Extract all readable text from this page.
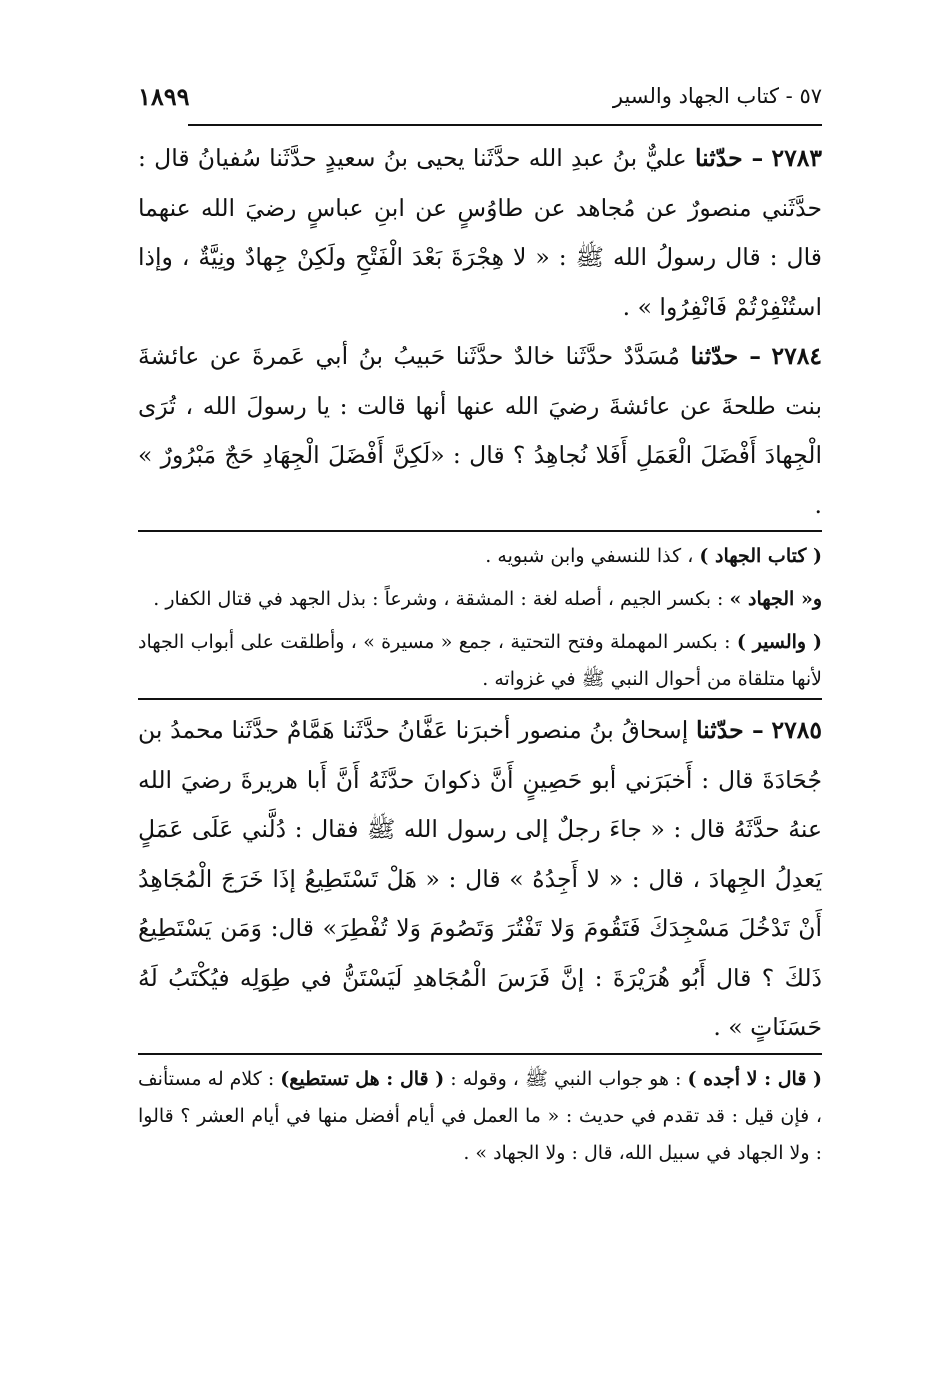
٥٧ - كتاب الجهاد والسير
١٨٩٩

٢٧٨٣ – حدّثنا عليٌّ بنُ عبدِ الله حدَّثَنا يحيى بنُ سعيدٍ حدَّثَنا سُفيانُ قال : حدَّثَني منصورٌ عن مُجاهد عن طاوُسٍ عن ابنِ عباسٍ رضيَ الله عنهما قال : قال رسولُ الله ﷺ : « لا هِجْرَةَ بَعْدَ الْفَتْحِ ولَكِنْ جِهادٌ ونِيَّةٌ ، وإذا استُنْفِرْتُمْ فَانْفِرُوا » .

٢٧٨٤ – حدّثنا مُسَدَّدٌ حدَّثَنا خالدٌ حدَّثَنا حَبيبُ بنُ أبي عَمرةَ عن عائشةَ بنت طلحةَ عن عائشةَ رضيَ الله عنها أنها قالت : يا رسولَ الله ، تُرَى الْجِهادَ أَفْضَلَ الْعَمَلِ أَفَلا نُجاهِدُ ؟ قال : «لَكِنَّ أَفْضَلَ الْجِهَادِ حَجٌ مَبْرُورٌ » .

( كتاب الجهاد ) ، كذا للنسفي وابن شبويه .

و« الجهاد » : بكسر الجيم ، أصله لغة : المشقة ، وشرعاً : بذل الجهد في قتال الكفار .

( والسير ) : بكسر المهملة وفتح التحتية ، جمع « مسيرة » ، وأطلقت على أبواب الجهاد لأنها متلقاة من أحوال النبي ﷺ في غزواته .

٢٧٨٥ – حدّثنا إسحاقُ بنُ منصور أخبرَنا عَفَّانُ حدَّثَنا هَمَّامٌ حدَّثَنا محمدُ بن جُحَادَةَ قال : أَخبَرَني أبو حَصِينٍ أَنَّ ذكوانَ حدَّثَهُ أَنَّ أَبا هريرةَ رضيَ الله عنهُ حدَّثَهُ قال : « جاءَ رجلٌ إلى رسول الله ﷺ فقال : دُلَّني عَلَى عَمَلٍ يَعدِلُ الجِهادَ ، قال : « لا أَجِدُهُ » قال : « هَلْ تَسْتَطِيعُ إذَا خَرَجَ الْمُجَاهِدُ أَنْ تَدْخُلَ مَسْجِدَكَ فَتَقُومَ وَلا تَفْتُرَ وَتَصُومَ وَلا تُفْطِرَ» قال: وَمَن يَسْتَطِيعُ ذَلكَ ؟ قال أَبُو هُرَيْرَةَ : إنَّ فَرَسَ الْمُجَاهدِ لَيَسْتَنُّ في طِوَلِه فيُكْتَبُ لَهُ حَسَنَاتٍ » .

( قال : لا أجده ) : هو جواب النبي ﷺ ، وقوله : ( قال : هل تستطيع) : كلام له مستأنف ، فإن قيل : قد تقدم في حديث : « ما العمل في أيام أفضل منها في أيام العشر ؟ قالوا : ولا الجهاد في سبيل الله، قال : ولا الجهاد » .
